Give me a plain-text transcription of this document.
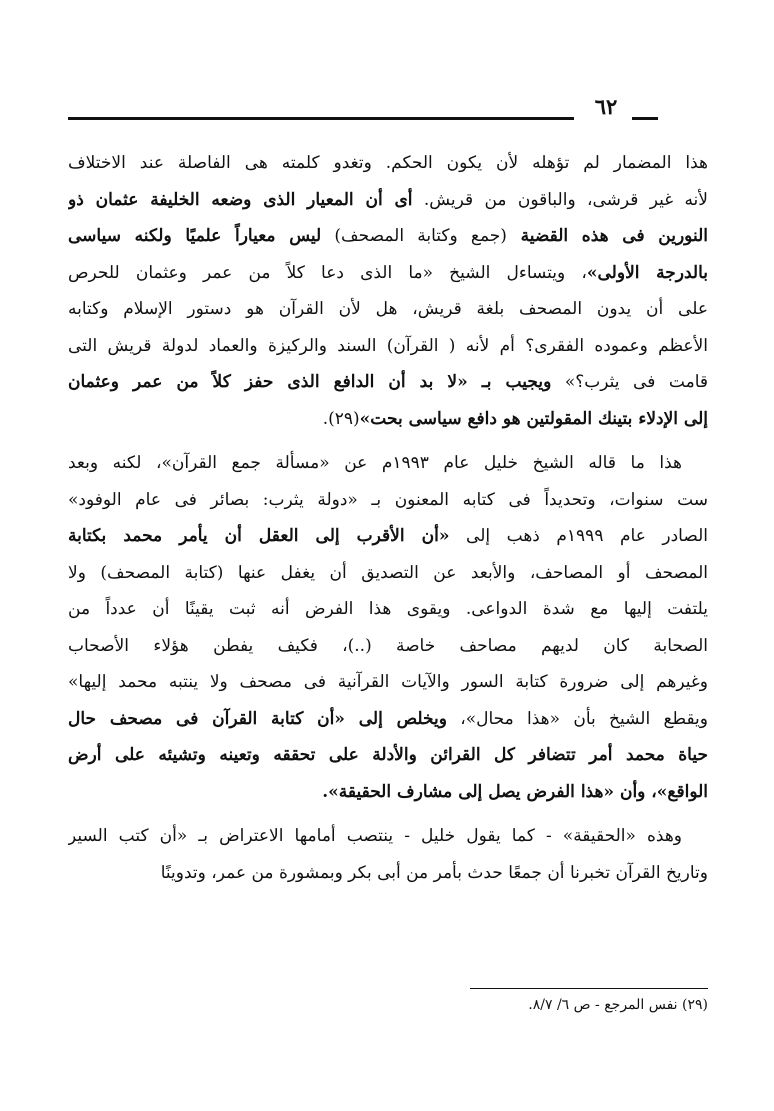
٦٢
هذا المضمار لم تؤهله لأن يكون الحكم. وتغدو كلمته هى الفاصلة عند الاختلاف
لأنه غير قرشى، والباقون من قريش. أى أن المعيار الذى وضعه الخليفة عثمان ذو
النورين فى هذه القضية (جمع وكتابة المصحف) ليس معياراً علميًا ولكنه سياسى
بالدرجة الأولى»، ويتساءل الشيخ «ما الذى دعا كلاً من عمر وعثمان للحرص
على أن يدون المصحف بلغة قريش، هل لأن القرآن هو دستور الإسلام وكتابه
الأعظم وعموده الفقرى؟ أم لأنه ( القرآن) السند والركيزة والعماد لدولة قريش التى
قامت فى يثرب؟» ويجيب بـ «لا بد أن الدافع الذى حفز كلاً من عمر وعثمان
إلى الإدلاء بتينك المقولتين هو دافع سياسى بحت»(٢٩).
هذا ما قاله الشيخ خليل عام ١٩٩٣م عن «مسألة جمع القرآن»، لكنه وبعد
ست سنوات، وتحديداً فى كتابه المعنون بـ «دولة يثرب: بصائر فى عام الوفود»
الصادر عام ١٩٩٩م ذهب إلى «أن الأقرب إلى العقل أن يأمر محمد بكتابة
المصحف أو المصاحف، والأبعد عن التصديق أن يغفل عنها (كتابة المصحف) ولا
يلتفت إليها مع شدة الدواعى. ويقوى هذا الفرض أنه ثبت يقينًا أن عدداً من
الصحابة كان لديهم مصاحف خاصة (..)، فكيف يفطن هؤلاء الأصحاب
وغيرهم إلى ضرورة كتابة السور والآيات القرآنية فى مصحف ولا ينتبه محمد إليها»
ويقطع الشيخ بأن «هذا محال»، ويخلص إلى «أن كتابة القرآن فى مصحف حال
حياة محمد أمر تتضافر كل القرائن والأدلة على تحققه وتعينه وتشيئه على أرض
الواقع»، وأن «هذا الفرض يصل إلى مشارف الحقيقة».
وهذه «الحقيقة» - كما يقول خليل - ينتصب أمامها الاعتراض بـ «أن كتب السير
وتاريخ القرآن تخبرنا أن جمعًا حدث بأمر من أبى بكر وبمشورة من عمر، وتدوينًا
(٢٩) نفس المرجع - ص ٦/ ٨/٧.
